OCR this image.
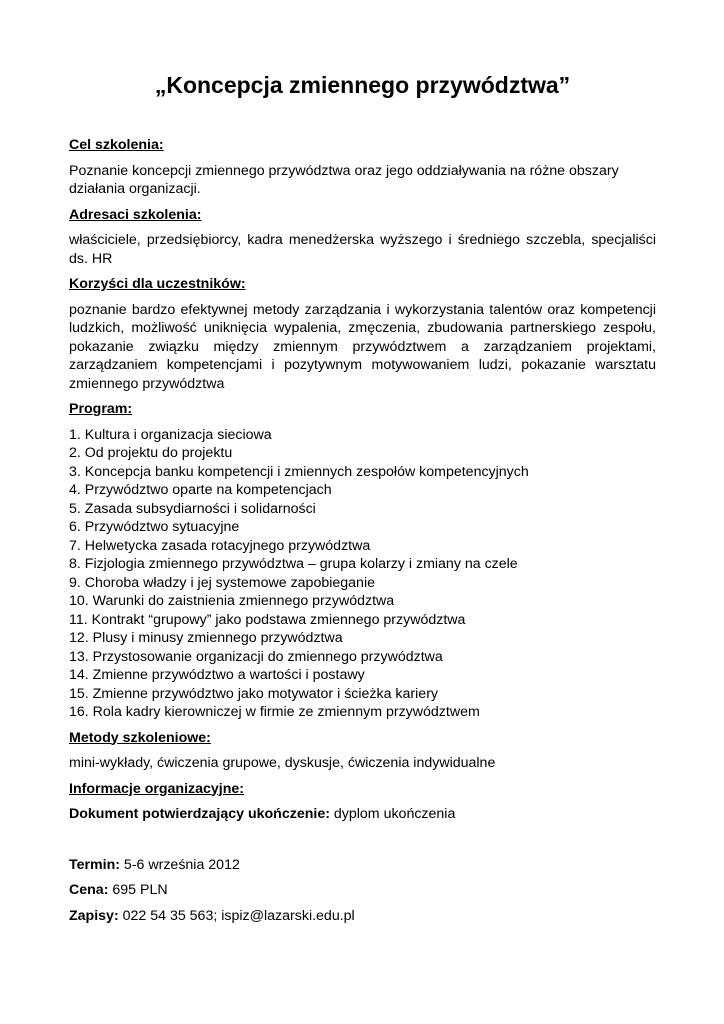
„Koncepcja zmiennego przywództwa”
Cel szkolenia:
Poznanie koncepcji zmiennego przywództwa oraz jego oddziaływania na różne obszary działania organizacji.
Adresaci szkolenia:
właściciele, przedsiębiorcy, kadra menedżerska wyższego i średniego szczebla, specjaliści ds. HR
Korzyści dla uczestników:
poznanie bardzo efektywnej metody zarządzania i wykorzystania talentów oraz kompetencji ludzkich, możliwość uniknięcia wypalenia, zmęczenia, zbudowania partnerskiego zespołu, pokazanie związku między zmiennym przywództwem a zarządzaniem projektami, zarządzaniem kompetencjami i pozytywnym motywowaniem ludzi, pokazanie warsztatu zmiennego przywództwa
Program:
1. Kultura i organizacja sieciowa
2. Od projektu do projektu
3. Koncepcja banku kompetencji i zmiennych zespołów kompetencyjnych
4. Przywództwo oparte na kompetencjach
5. Zasada subsydiarności i solidarności
6. Przywództwo sytuacyjne
7. Helwetycka zasada rotacyjnego przywództwa
8. Fizjologia zmiennego przywództwa – grupa kolarzy i zmiany na czele
9. Choroba władzy i jej systemowe zapobieganie
10. Warunki do zaistnienia zmiennego przywództwa
11. Kontrakt “grupowy” jako podstawa zmiennego przywództwa
12. Plusy i minusy zmiennego przywództwa
13. Przystosowanie organizacji do zmiennego przywództwa
14. Zmienne przywództwo a wartości i postawy
15. Zmienne przywództwo jako motywator i ścieżka kariery
16. Rola kadry kierowniczej w firmie ze zmiennym przywództwem
Metody szkoleniowe:
mini-wykłady, ćwiczenia grupowe, dyskusje, ćwiczenia indywidualne
Informacje organizacyjne:
Dokument potwierdzający ukończenie: dyplom ukończenia
Termin: 5-6 września 2012
Cena: 695 PLN
Zapisy: 022 54 35 563; ispiz@lazarski.edu.pl
